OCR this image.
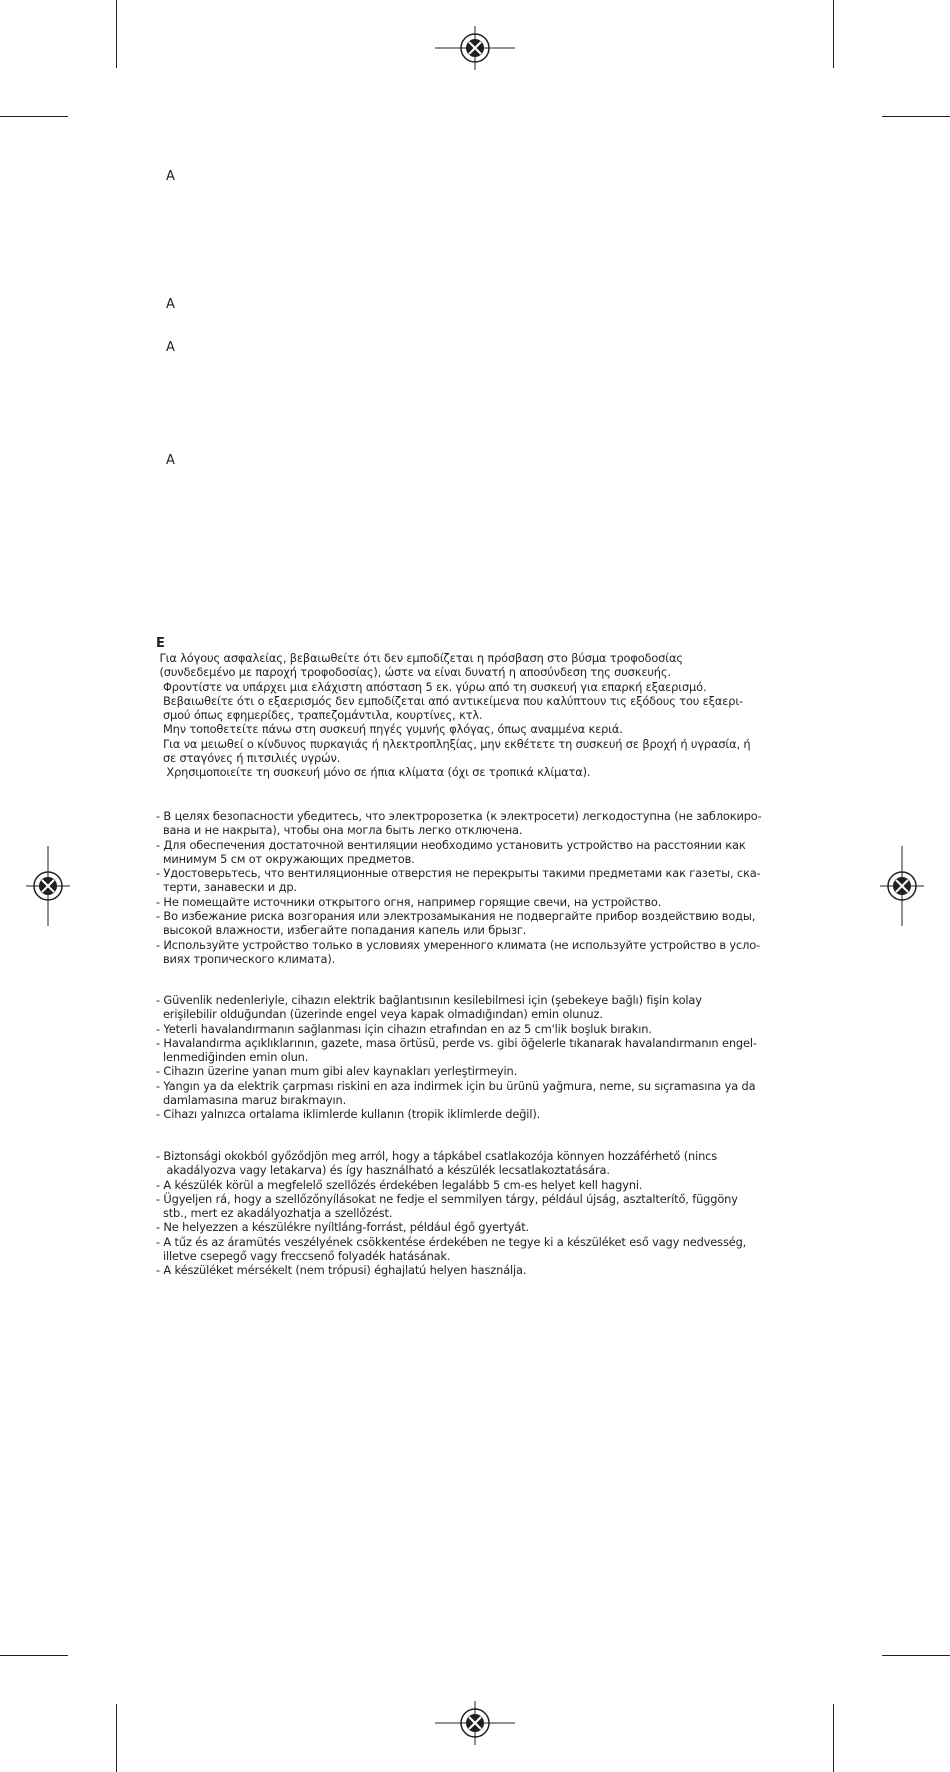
A
A
A
A
E
Για λόγους ασφαλείας, βεβαιωθείτε ότι δεν εμποδίζεται η πρόσβαση στο βύσμα τροφοδοσίας
(συνδεδεμένο με παροχή τροφοδοσίας), ώστε να είναι δυνατή η αποσύνδεση της συσκευής.
Φροντίστε να υπάρχει μια ελάχιστη απόσταση 5 εκ. γύρω από τη συσκευή για επαρκή εξαερισμό.
Βεβαιωθείτε ότι ο εξαερισμός δεν εμποδίζεται από αντικείμενα που καλύπτουν τις εξόδους του εξαερι-
σμού όπως εφημερίδες, τραπεζομάντιλα, κουρτίνες, κτλ.
Μην τοποθετείτε πάνω στη συσκευή πηγές γυμνής φλόγας, όπως αναμμένα κεριά.
Για να μειωθεί ο κίνδυνος πυρκαγιάς ή ηλεκτροπληξίας, μην εκθέτετε τη συσκευή σε βροχή ή υγρασία, ή
σε σταγόνες ή πιτσιλιές υγρών.
Χρησιμοποιείτε τη συσκευή μόνο σε ήπια κλίματα (όχι σε τροπικά κλίματα).
- В целях безопасности убедитесь, что электророзетка (к электросети) легкодоступна (не заблокиро-
вана и не накрыта), чтобы она могла быть легко отключена.
- Для обеспечения достаточной вентиляции необходимо установить устройство на расстоянии как
минимум 5 см от окружающих предметов.
- Удостоверьтесь, что вентиляционные отверстия не перекрыты такими предметами как газеты, ска-
терти, занавески и др.
- Не помещайте источники открытого огня, например горящие свечи, на устройство.
- Во избежание риска возгорания или электрозамыкания не подвергайте прибор воздействию воды,
высокой влажности, избегайте попадания капель или брызг.
- Используйте устройство только в условиях умеренного климата (не используйте устройство в усло-
виях тропического климата).
- Güvenlik nedenleriyle, cihazın elektrik bağlantısının kesilebilmesi için (şebekeye bağlı) fişin kolay
erişilebilir olduğundan (üzerinde engel veya kapak olmadığından) emin olunuz.
- Yeterli havalandırmanın sağlanması için cihazın etrafından en az 5 cm'lik boşluk bırakın.
- Havalandırma açıklıklarının, gazete, masa örtüsü, perde vs. gibi öğelerle tıkanarak havalandırmanın engel-
lenmediğinden emin olun.
- Cihazın üzerine yanan mum gibi alev kaynakları yerleştirmeyin.
- Yangın ya da elektrik çarpması riskini en aza indirmek için bu ürünü yağmura, neme, su sıçramasına ya da
damlamasına maruz bırakmayın.
- Cihazı yalnızca ortalama iklimlerde kullanın (tropik iklimlerde değil).
- Biztonsági okokból győződjön meg arról, hogy a tápkábel csatlakozója könnyen hozzáférhető (nincs
akadályozva vagy letakarva) és így használható a készülék lecsatlakoztatására.
- A készülék körül a megfelelő szellőzés érdekében legalább 5 cm-es helyet kell hagyni.
- Ügyeljen rá, hogy a szellőzőnyílásokat ne fedje el semmilyen tárgy, például újság, asztalterítő, függöny
stb., mert ez akadályozhatja a szellőzést.
- Ne helyezzen a készülékre nyíltláng-forrást, például égő gyertyát.
- A tűz és az áramütés veszélyének csökkentése érdekében ne tegye ki a készüléket eső vagy nedvesség,
illetve csepegő vagy freccsenő folyadék hatásának.
- A készüléket mérsékelt (nem trópusi) éghajlatú helyen használja.
